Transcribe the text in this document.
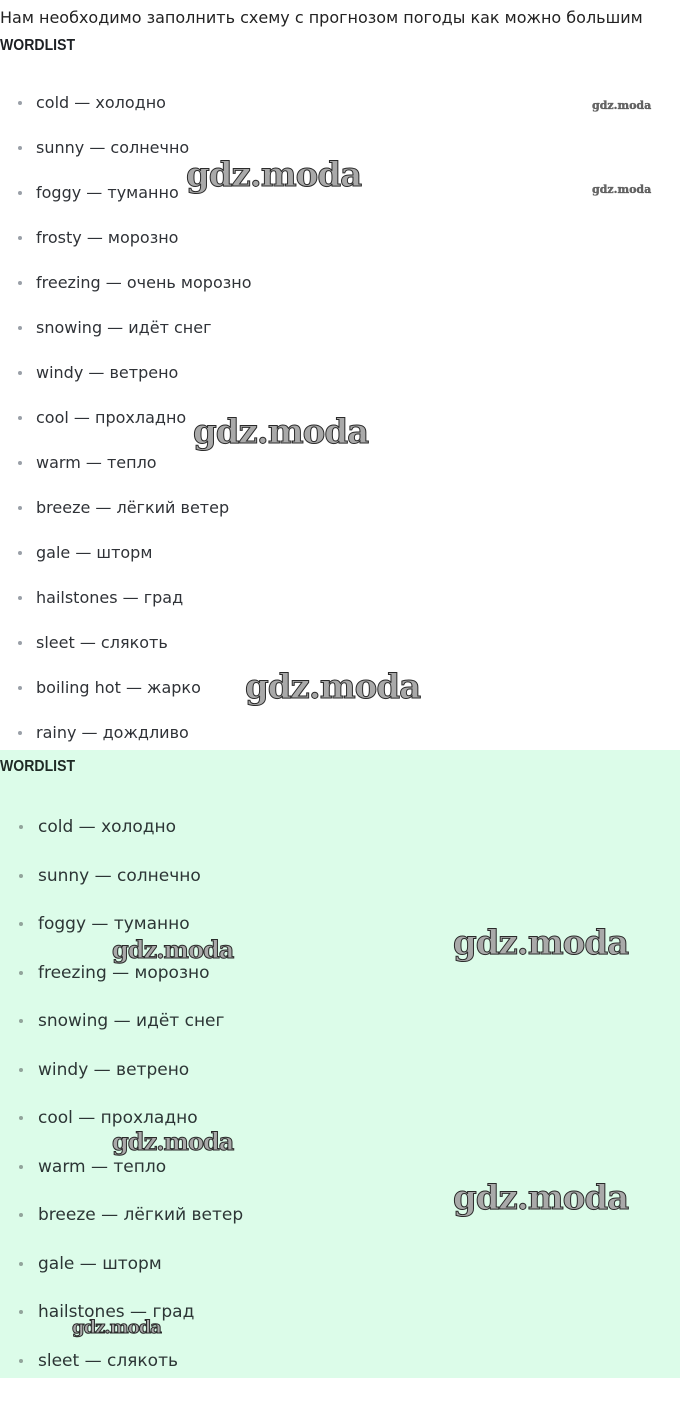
Нам необходимо заполнить схему с прогнозом погоды как можно большим
WORDLIST
cold — холодно
sunny — солнечно
foggy — туманно
frosty — морозно
freezing — очень морозно
snowing — идёт снег
windy — ветрено
cool — прохладно
warm — тепло
breeze — лёгкий ветер
gale — шторм
hailstones — град
sleet — слякоть
boiling hot — жарко
rainy — дождливо
gdz.moda
gdz.moda	gdz.moda
gdz.moda
gdz.moda
WORDLIST
cold — холодно
sunny — солнечно
foggy — туманно
freezing — морозно
snowing — идёт снег
windy — ветрено
cool — прохладно
warm — тепло
breeze — лёгкий ветер
gale — шторм
hailstones — град
sleet — слякоть
gdz.moda
gdz.moda
gdz.moda
gdz.moda
gdz.moda
